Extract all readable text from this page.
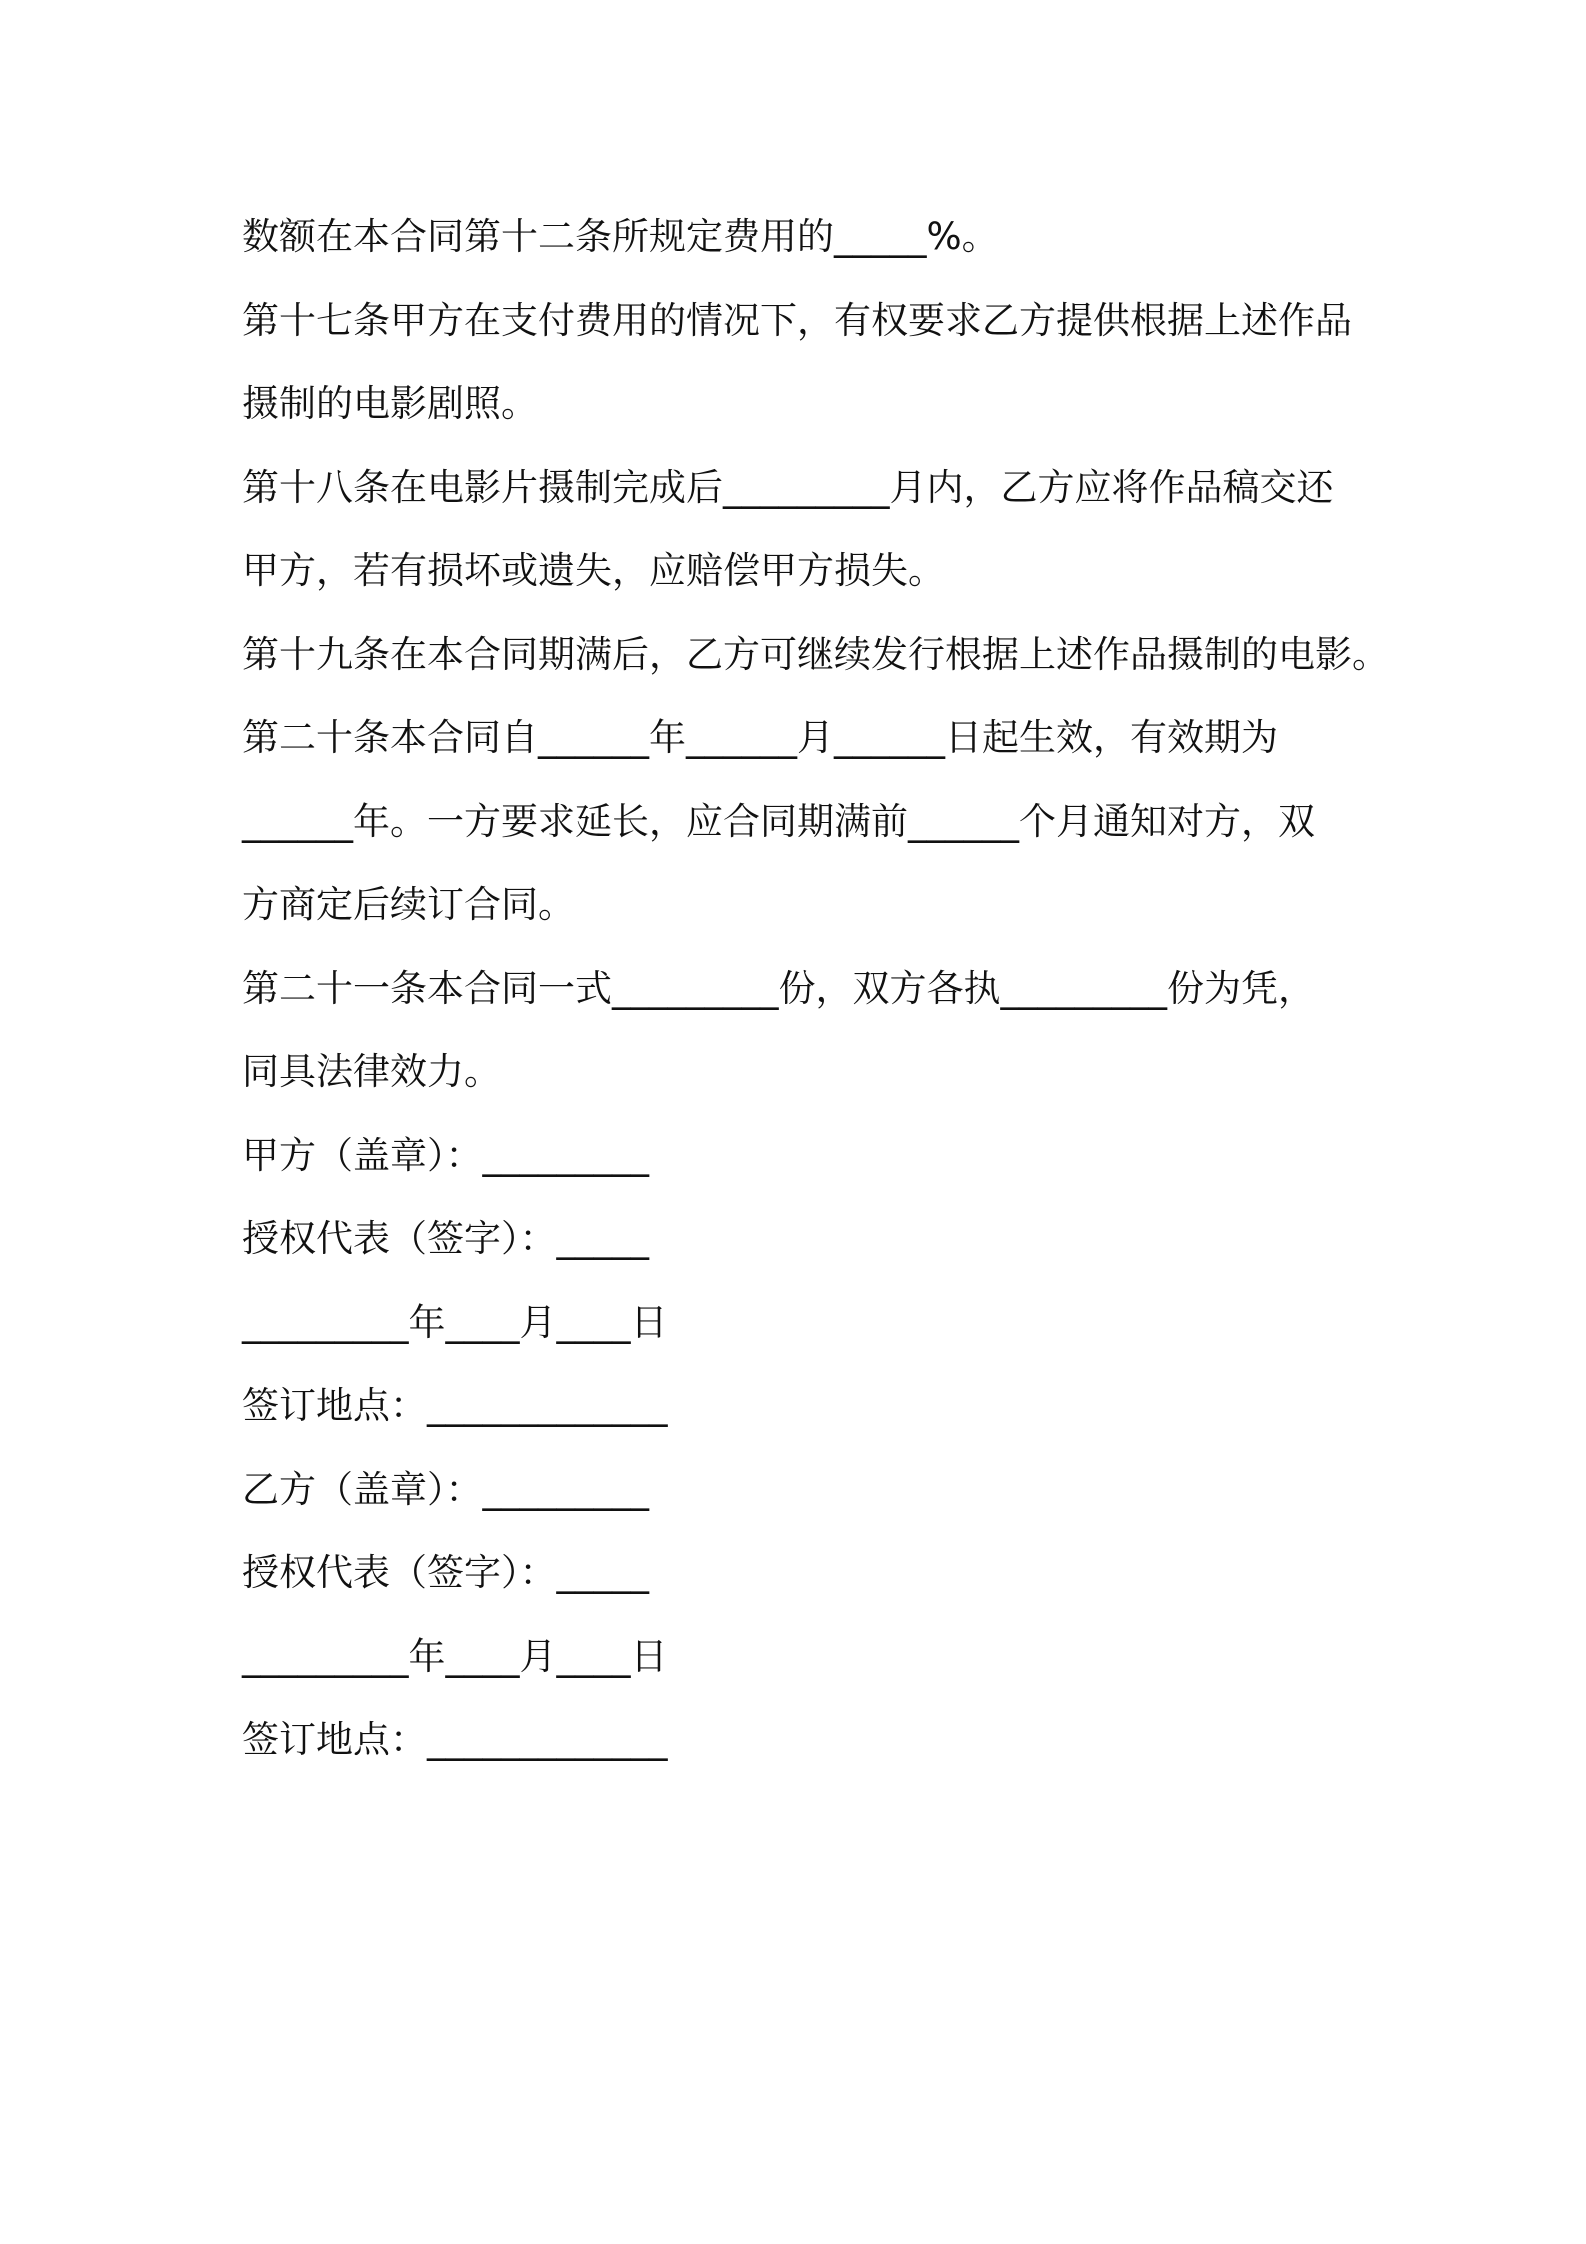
数额在本合同第十二条所规定费用的_____%。
第十七条甲方在支付费用的情况下，有权要求乙方提供根据上述作品
摄制的电影剧照。
第十八条在电影片摄制完成后_________月内，乙方应将作品稿交还
甲方，若有损坏或遗失，应赔偿甲方损失。
第十九条在本合同期满后，乙方可继续发行根据上述作品摄制的电影。
第二十条本合同自______年______月______日起生效，有效期为
______年。一方要求延长，应合同期满前______个月通知对方，双
方商定后续订合同。
第二十一条本合同一式_________份，双方各执_________份为凭，
同具法律效力。
甲方（盖章）：_________
授权代表（签字）：_____
_________年____月____日
签订地点：_____________
乙方（盖章）：_________
授权代表（签字）：_____
_________年____月____日
签订地点：_____________
